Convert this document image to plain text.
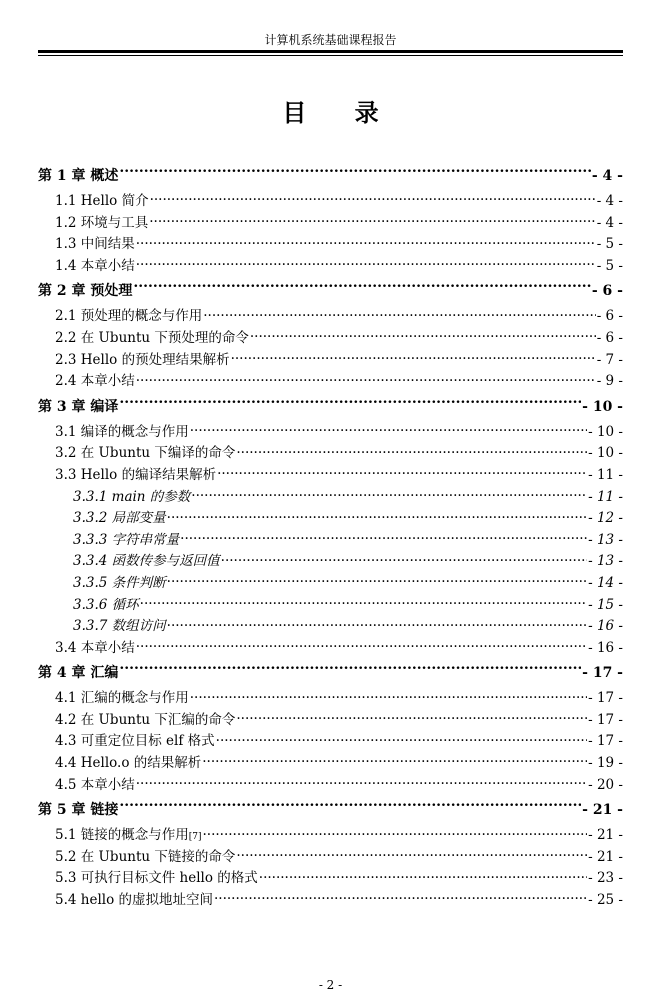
计算机系统基础课程报告
目 录
第 1 章 概述 .....	- 4 -
1.1 Hello 简介 .....	- 4 -
1.2 环境与工具 .....	- 4 -
1.3 中间结果 .....	- 5 -
1.4 本章小结 .....	- 5 -
第 2 章 预处理 .....	- 6 -
2.1 预处理的概念与作用 .....	- 6 -
2.2 在 Ubuntu 下预处理的命令 .....	- 6 -
2.3 Hello 的预处理结果解析 .....	- 7 -
2.4 本章小结 .....	- 9 -
第 3 章 编译 .....	- 10 -
3.1 编译的概念与作用 .....	- 10 -
3.2 在 Ubuntu 下编译的命令 .....	- 10 -
3.3 Hello 的编译结果解析 .....	- 11 -
3.3.1 main 的参数 .....	- 11 -
3.3.2 局部变量 .....	- 12 -
3.3.3 字符串常量 .....	- 13 -
3.3.4 函数传参与返回值 .....	- 13 -
3.3.5 条件判断 .....	- 14 -
3.3.6 循环 .....	- 15 -
3.3.7 数组访问 .....	- 16 -
3.4 本章小结 .....	- 16 -
第 4 章 汇编 .....	- 17 -
4.1 汇编的概念与作用 .....	- 17 -
4.2 在 Ubuntu 下汇编的命令 .....	- 17 -
4.3 可重定位目标 elf 格式 .....	- 17 -
4.4 Hello.o 的结果解析 .....	- 19 -
4.5 本章小结 .....	- 20 -
第 5 章 链接 .....	- 21 -
5.1 链接的概念与作用 [7] .....	- 21 -
5.2 在 Ubuntu 下链接的命令 .....	- 21 -
5.3 可执行目标文件 hello 的格式 .....	- 23 -
5.4 hello 的虚拟地址空间 .....	- 25 -
- 2 -
